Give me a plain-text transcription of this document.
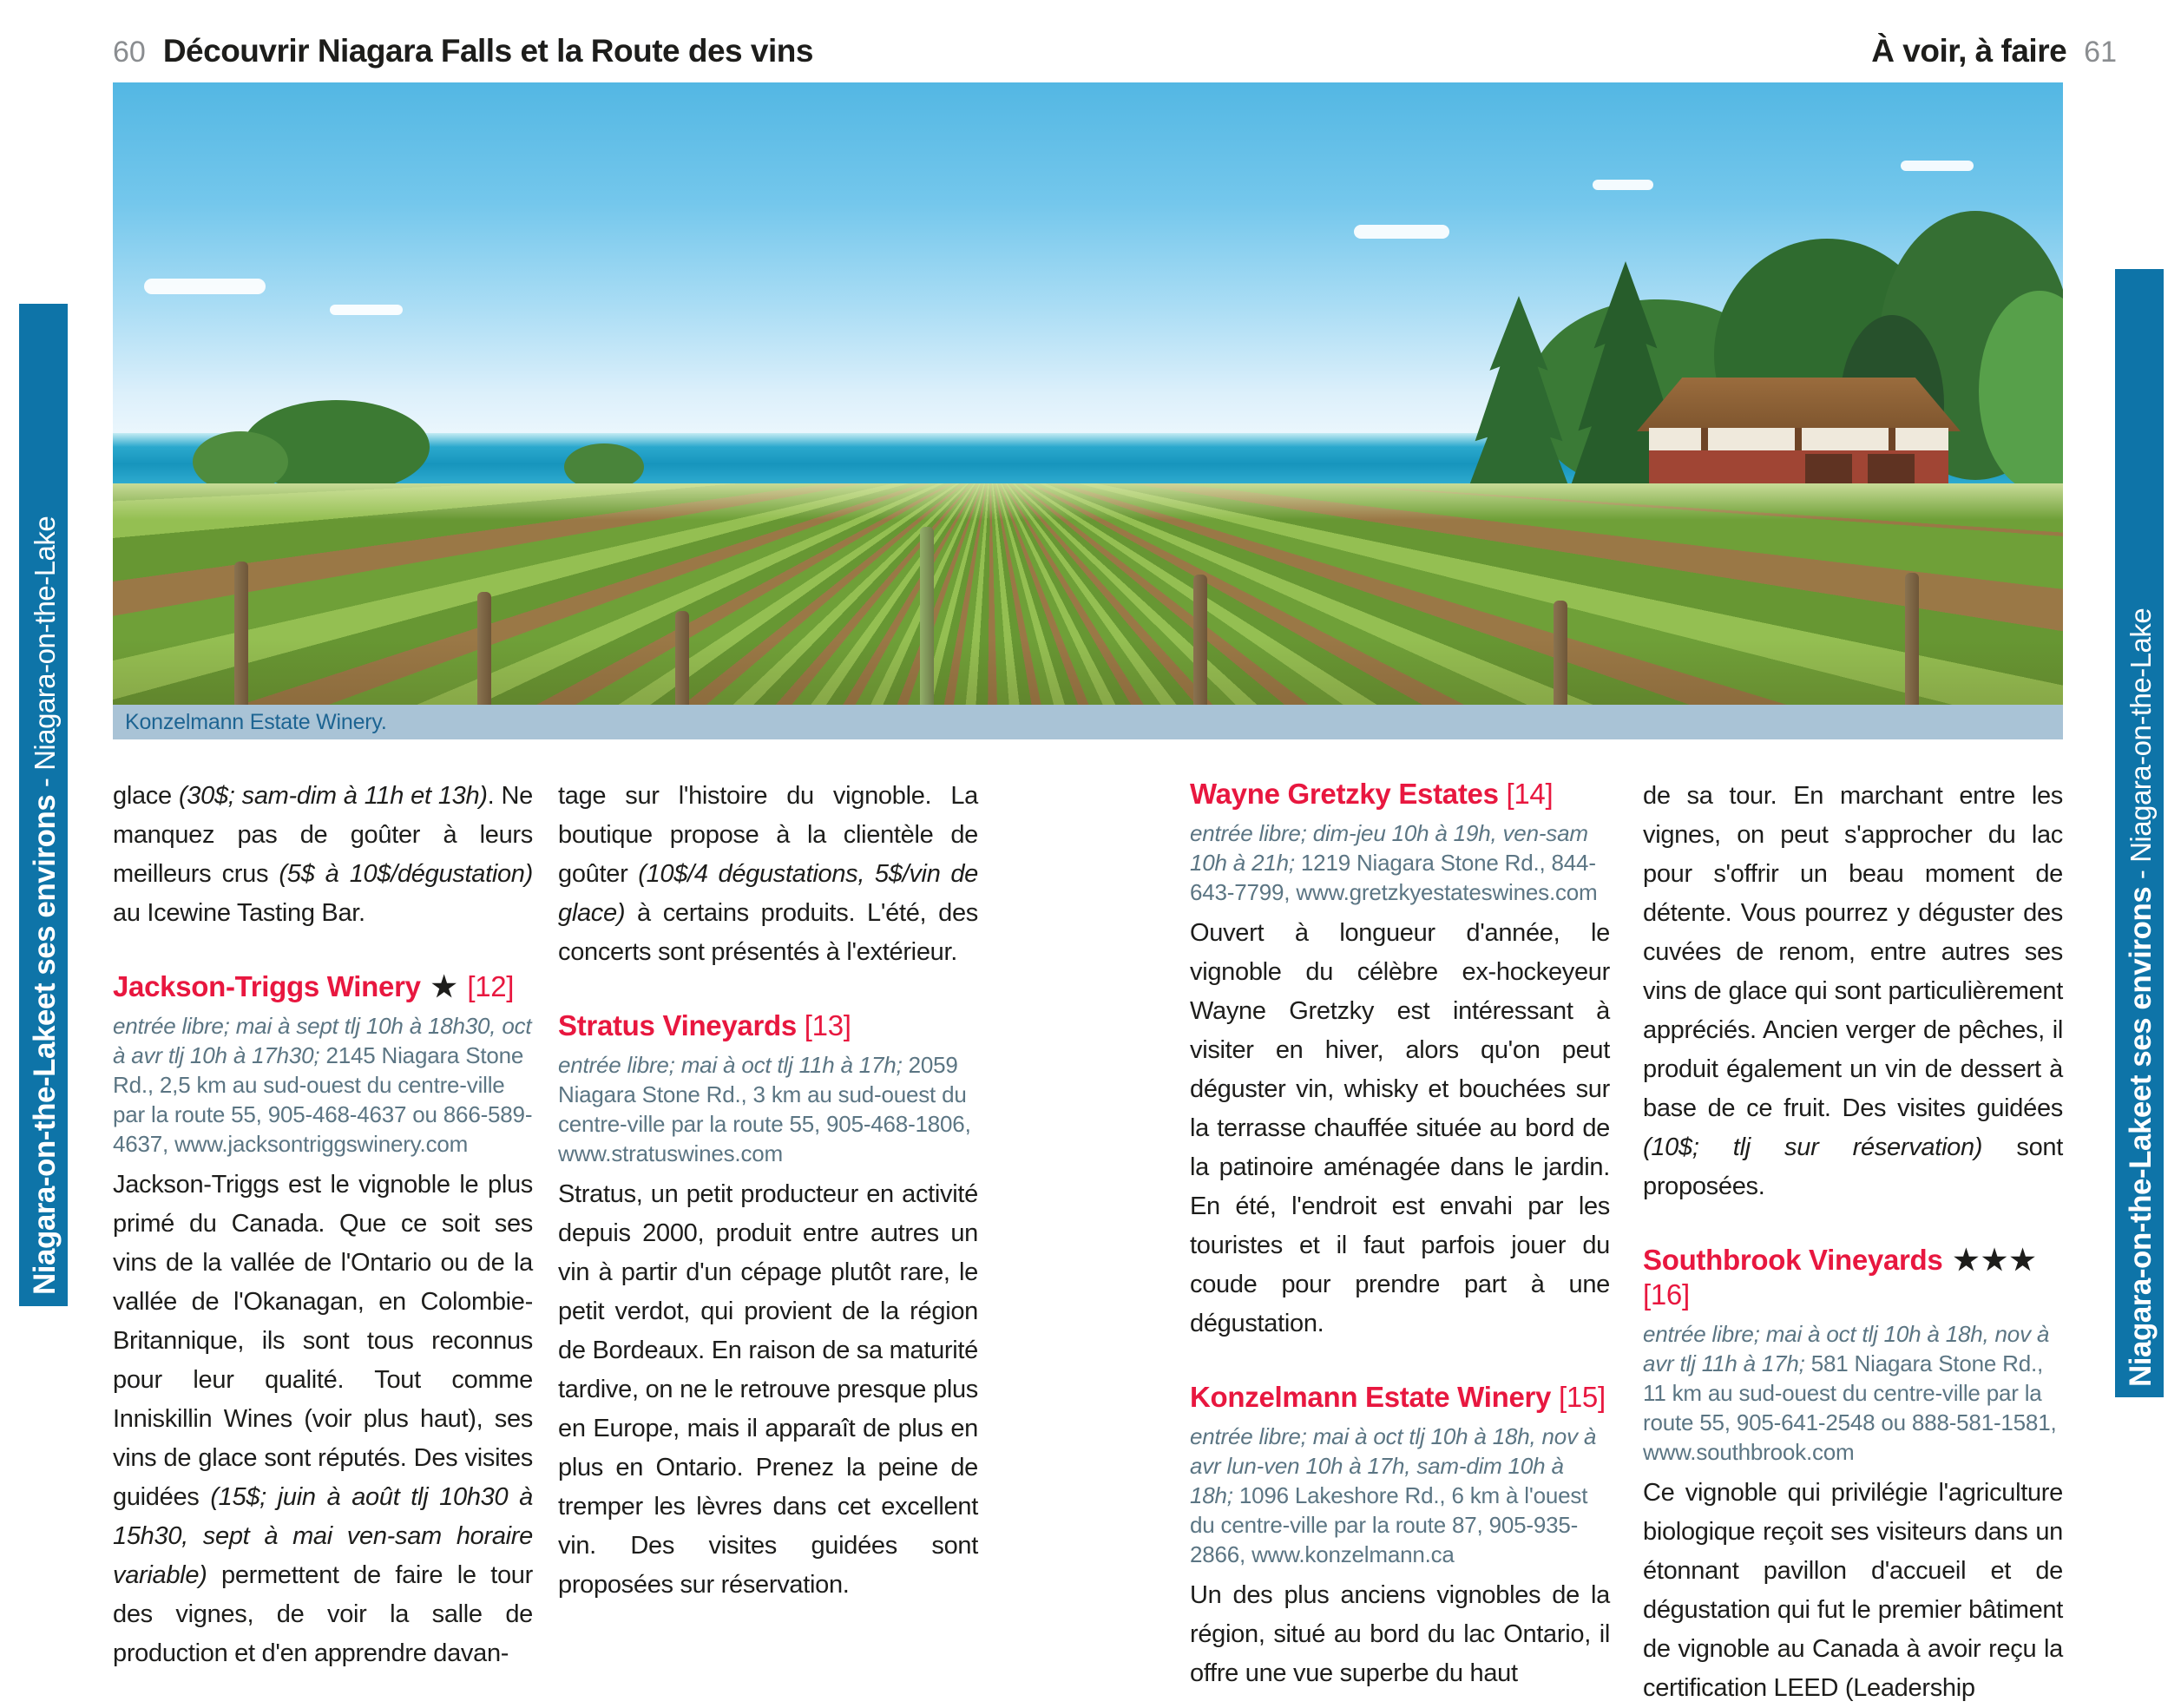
60 Découvrir Niagara Falls et la Route des vins	À voir, à faire 61
Niagara-on-the-Lakeet ses environs - Niagara-on-the-Lake
Niagara-on-the-Lakeet ses environs - Niagara-on-the-Lake
Konzelmann Estate Winery.

glace (30$; sam-dim à 11h et 13h). Ne manquez pas de goûter à leurs meilleurs crus (5$ à 10$/dégustation) au Icewine Tasting Bar.

Jackson-Triggs Winery ★ [12]

entrée libre; mai à sept tlj 10h à 18h30, oct à avr tlj 10h à 17h30; 2145 Niagara Stone Rd., 2,5 km au sud-ouest du centre-ville par la route 55, 905-468-4637 ou 866-589-4637, www.jacksontriggswinery.com

Jackson-Triggs est le vignoble le plus primé du Canada. Que ce soit ses vins de la vallée de l'Ontario ou de la vallée de l'Okanagan, en Colombie-Britannique, ils sont tous reconnus pour leur qualité. Tout comme Inniskillin Wines (voir plus haut), ses vins de glace sont réputés. Des visites guidées (15$; juin à août tlj 10h30 à 15h30, sept à mai ven-sam horaire variable) permettent de faire le tour des vignes, de voir la salle de production et d'en apprendre davan-

tage sur l'histoire du vignoble. La boutique propose à la clientèle de goûter (10$/4 dégustations, 5$/vin de glace) à certains produits. L'été, des concerts sont présentés à l'extérieur.

Stratus Vineyards [13]

entrée libre; mai à oct tlj 11h à 17h; 2059 Niagara Stone Rd., 3 km au sud-ouest du centre-ville par la route 55, 905-468-1806, www.stratuswines.com

Stratus, un petit producteur en activité depuis 2000, produit entre autres un vin à partir d'un cépage plutôt rare, le petit verdot, qui provient de la région de Bordeaux. En raison de sa maturité tardive, on ne le retrouve presque plus en Europe, mais il apparaît de plus en plus en Ontario. Prenez la peine de tremper les lèvres dans cet excellent vin. Des visites guidées sont proposées sur réservation.

Wayne Gretzky Estates [14]

entrée libre; dim-jeu 10h à 19h, ven-sam 10h à 21h; 1219 Niagara Stone Rd., 844-643-7799, www.gretzkyestateswines.com

Ouvert à longueur d'année, le vignoble du célèbre ex-hockeyeur Wayne Gretzky est intéressant à visiter en hiver, alors qu'on peut déguster vin, whisky et bouchées sur la terrasse chauffée située au bord de la patinoire aménagée dans le jardin. En été, l'endroit est envahi par les touristes et il faut parfois jouer du coude pour prendre part à une dégustation.

Konzelmann Estate Winery [15]

entrée libre; mai à oct tlj 10h à 18h, nov à avr lun-ven 10h à 17h, sam-dim 10h à 18h; 1096 Lakeshore Rd., 6 km à l'ouest du centre-ville par la route 87, 905-935-2866, www.konzelmann.ca

Un des plus anciens vignobles de la région, situé au bord du lac Ontario, il offre une vue superbe du haut

de sa tour. En marchant entre les vignes, on peut s'approcher du lac pour s'offrir un beau moment de détente. Vous pourrez y déguster des cuvées de renom, entre autres ses vins de glace qui sont particulièrement appréciés. Ancien verger de pêches, il produit également un vin de dessert à base de ce fruit. Des visites guidées (10$; tlj sur réservation) sont proposées.

Southbrook Vineyards ★★★
[16]

entrée libre; mai à oct tlj 10h à 18h, nov à avr tlj 11h à 17h; 581 Niagara Stone Rd., 11 km au sud-ouest du centre-ville par la route 55, 905-641-2548 ou 888-581-1581, www.southbrook.com

Ce vignoble qui privilégie l'agriculture biologique reçoit ses visiteurs dans un étonnant pavillon d'accueil et de dégustation qui fut le premier bâtiment de vignoble au Canada à avoir reçu la certification LEED (Leadership
